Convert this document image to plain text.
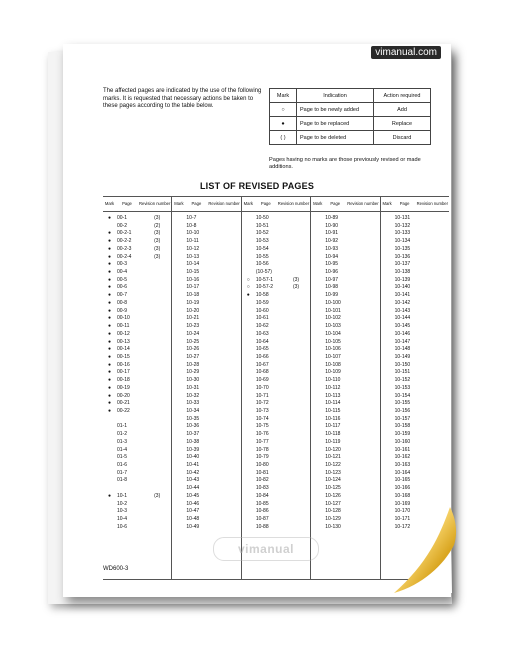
vimanual.com
The affected pages are indicated by the use of the following marks. It is requested that necessary actions be taken to these pages according to the table below.
Mark	Indication	Action required
○	Page to be newly added	Add
●	Page to be replaced	Replace
( )	Page to be deleted	Discard
Pages having no marks are those previously revised or made additions.
LIST OF REVISED PAGES
Mark	Page	Revision number
●	00-1	(3)
00-2	(2)
●	00-2-1	(3)
●	00-2-2	(3)
●	00-2-3	(3)
●	00-2-4	(3)
●	00-3
●	00-4
●	00-5
●	00-6
●	00-7
●	00-8
●	00-9
●	00-10
●	00-11
●	00-12
●	00-13
●	00-14
●	00-15
●	00-16
●	00-17
●	00-18
●	00-19
●	00-20
●	00-21
●	00-22
01-1
01-2
01-3
01-4
01-5
01-6
01-7
01-8
●	10-1	(3)
10-2
10-3
10-4
10-6
Mark	Page	Revision number
10-7
10-8
10-10
10-11
10-12
10-13
10-14
10-15
10-16
10-17
10-18
10-19
10-20
10-21
10-23
10-24
10-25
10-26
10-27
10-28
10-29
10-30
10-31
10-32
10-33
10-34
10-35
10-36
10-37
10-38
10-39
10-40
10-41
10-42
10-43
10-44
10-45
10-46
10-47
10-48
10-49
Mark	Page	Revision number
10-50
10-51
10-52
10-53
10-54
10-55
10-56
(10-57)
○	10-57-1	(3)
○	10-57-2	(3)
●	10-58
10-59
10-60
10-61
10-62
10-63
10-64
10-65
10-66
10-67
10-68
10-69
10-70
10-71
10-72
10-73
10-74
10-75
10-76
10-77
10-78
10-79
10-80
10-81
10-82
10-83
10-84
10-85
10-86
10-87
10-88
Mark	Page	Revision number
10-89
10-90
10-91
10-92
10-93
10-94
10-95
10-96
10-97
10-98
10-99
10-100
10-101
10-102
10-103
10-104
10-105
10-106
10-107
10-108
10-109
10-110
10-112
10-113
10-114
10-115
10-116
10-117
10-118
10-119
10-120
10-121
10-122
10-123
10-124
10-125
10-126
10-127
10-128
10-129
10-130
Mark	Page	Revision number
10-131
10-132
10-133
10-134
10-135
10-136
10-137
10-138
10-139
10-140
10-141
10-142
10-143
10-144
10-145
10-146
10-147
10-148
10-149
10-150
10-151
10-152
10-153
10-154
10-155
10-156
10-157
10-158
10-159
10-160
10-161
10-162
10-163
10-164
10-165
10-166
10-168
10-169
10-170
10-171
10-172
vimanual
WD600-3
